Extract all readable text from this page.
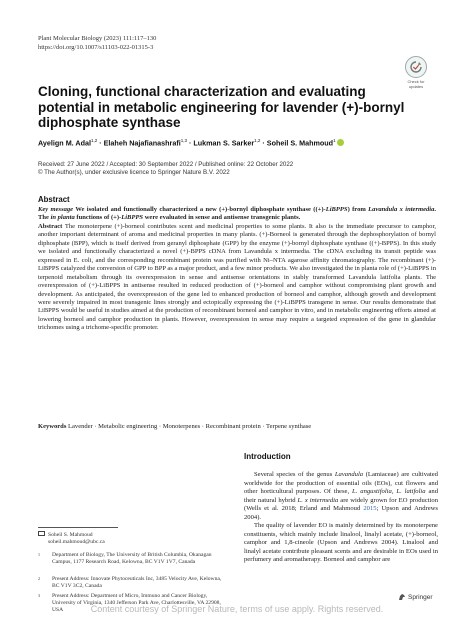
Plant Molecular Biology (2023) 111:117–130
https://doi.org/10.1007/s11103-022-01315-3
Check for
updates
Cloning, functional characterization and evaluating potential in metabolic engineering for lavender (+)-bornyl diphosphate synthase
Ayelign M. Adal$^{1,2}$ · Elaheh Najafianashrafi$^{1,3}$ · Lukman S. Sarker$^{1,2}$ · Soheil S. Mahmoud$^1$
Received: 27 June 2022 / Accepted: 30 September 2022 / Published online: 22 October 2022
© The Author(s), under exclusive licence to Springer Nature B.V. 2022
Abstract

Key message We isolated and functionally characterized a new (+)-bornyl diphosphate synthase ((+)-LiBPPS) from Lavandula x intermedia. The in planta functions of (+)-LiBPPS were evaluated in sense and antisense transgenic plants.

Abstract The monoterpene (+)-borneol contributes scent and medicinal properties to some plants. It also is the immediate precursor to camphor, another important determinant of aroma and medicinal properties in many plants. (+)-Borneol is generated through the dephosphorylation of bornyl diphosphate (BPP), which is itself derived from geranyl diphosphate (GPP) by the enzyme (+)-bornyl diphosphate synthase ((+)-BPPS). In this study we isolated and functionally characterized a novel (+)-BPPS cDNA from Lavandula x intermedia. The cDNA excluding its transit peptide was expressed in E. coli, and the corresponding recombinant protein was purified with Ni–NTA agarose affinity chromatography. The recombinant (+)-LiBPPS catalyzed the conversion of GPP to BPP as a major product, and a few minor products. We also investigated the in planta role of (+)-LiBPPS in terpenoid metabolism through its overexpression in sense and antisense orientations in stably transformed Lavandula latifolia plants. The overexpression of (+)-LiBPPS in antisense resulted in reduced production of (+)-borneol and camphor without compromising plant growth and development. As anticipated, the overexpression of the gene led to enhanced production of borneol and camphor, although growth and development were severely impaired in most transgenic lines strongly and ectopically expressing the (+)-LiBPPS transgene in sense. Our results demonstrate that LiBPPS would be useful in studies aimed at the production of recombinant borneol and camphor in vitro, and in metabolic engineering efforts aimed at lowering borneol and camphor production in plants. However, overexpression in sense may require a targeted expression of the gene in glandular trichomes using a trichome-specific promoter.

Keywords Lavender · Metabolic engineering · Monoterpenes · Recombinant protein · Terpene synthase
Soheil S. Mahmoud
soheil.mahmoud@ubc.ca
1 Department of Biology, The University of British Columbia, Okanagan Campus, 1177 Research Road, Kelowna, BC V1V 1V7, Canada
2 Present Address: Innovate Phytoceuticals Inc, 3485 Velocity Ave, Kelowna, BC V1V 3C2, Canada
3 Present Address: Department of Micro, Immuno and Cancer Biology, University of Virginia, 1340 Jefferson Park Ave, Charlottesville, VA 22908, USA
Introduction

Several species of the genus Lavandula (Lamiaceae) are cultivated worldwide for the production of essential oils (EOs), cut flowers and other horticultural purposes. Of these, L. angustifolia, L. latifolia and their natural hybrid L. x intermedia are widely grown for EO production (Wells et al. 2018; Erland and Mahmoud 2015; Upson and Andrews 2004).

The quality of lavender EO is mainly determined by its monoterpene constituents, which mainly include linalool, linalyl acetate, (+)-borneol, camphor and 1,8-cineole (Upson and Andrews 2004). Linalool and linalyl acetate contribute pleasant scents and are desirable in EOs used in perfumery and aromatherapy. Borneol and camphor are

Springer
Content courtesy of Springer Nature, terms of use apply. Rights reserved.
